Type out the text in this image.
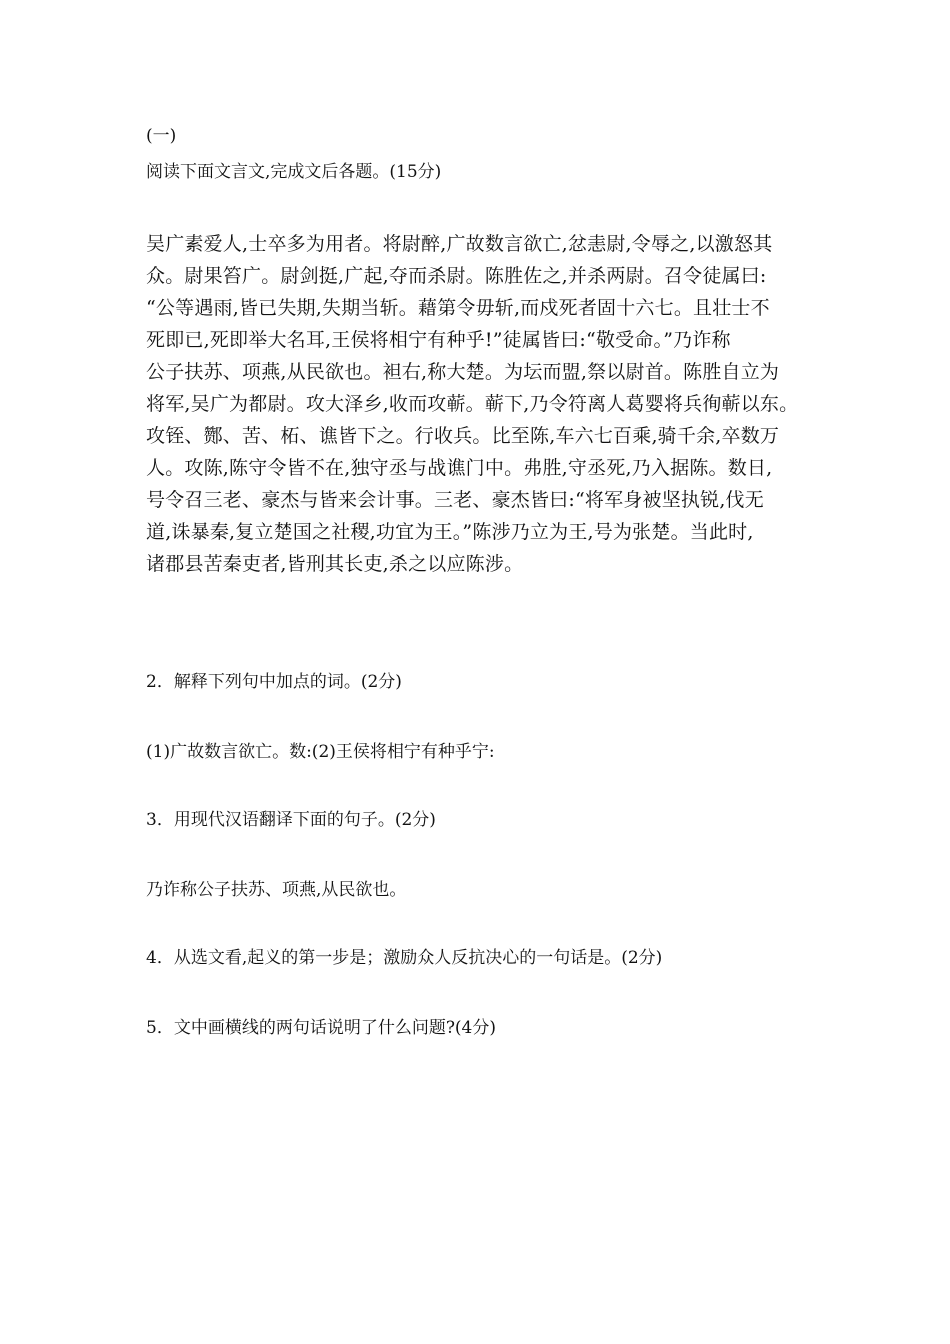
(一)
阅读下面文言文,完成文后各题。(15分)
吴广素爱人,士卒多为用者。将尉醉,广故数言欲亡,忿恚尉,令辱之,以激怒其
众。尉果笞广。尉剑挺,广起,夺而杀尉。陈胜佐之,并杀两尉。召令徒属曰:
“公等遇雨,皆已失期,失期当斩。藉第令毋斩,而戍死者固十六七。且壮士不
死即已,死即举大名耳,王侯将相宁有种乎!”徒属皆曰:“敬受命。”乃诈称
公子扶苏、项燕,从民欲也。袒右,称大楚。为坛而盟,祭以尉首。陈胜自立为
将军,吴广为都尉。攻大泽乡,收而攻蕲。蕲下,乃令符离人葛婴将兵徇蕲以东。
攻铚、酂、苦、柘、谯皆下之。行收兵。比至陈,车六七百乘,骑千余,卒数万
人。攻陈,陈守令皆不在,独守丞与战谯门中。弗胜,守丞死,乃入据陈。数日,
号令召三老、豪杰与皆来会计事。三老、豪杰皆曰:“将军身被坚执锐,伐无
道,诛暴秦,复立楚国之社稷,功宜为王。”陈涉乃立为王,号为张楚。当此时,
诸郡县苦秦吏者,皆刑其长吏,杀之以应陈涉。
2．解释下列句中加点的词。(2分)
(1)广故数言欲亡。数:(2)王侯将相宁有种乎宁:
3．用现代汉语翻译下面的句子。(2分)
乃诈称公子扶苏、项燕,从民欲也。
4．从选文看,起义的第一步是；激励众人反抗决心的一句话是。(2分)
5．文中画横线的两句话说明了什么问题?(4分)
